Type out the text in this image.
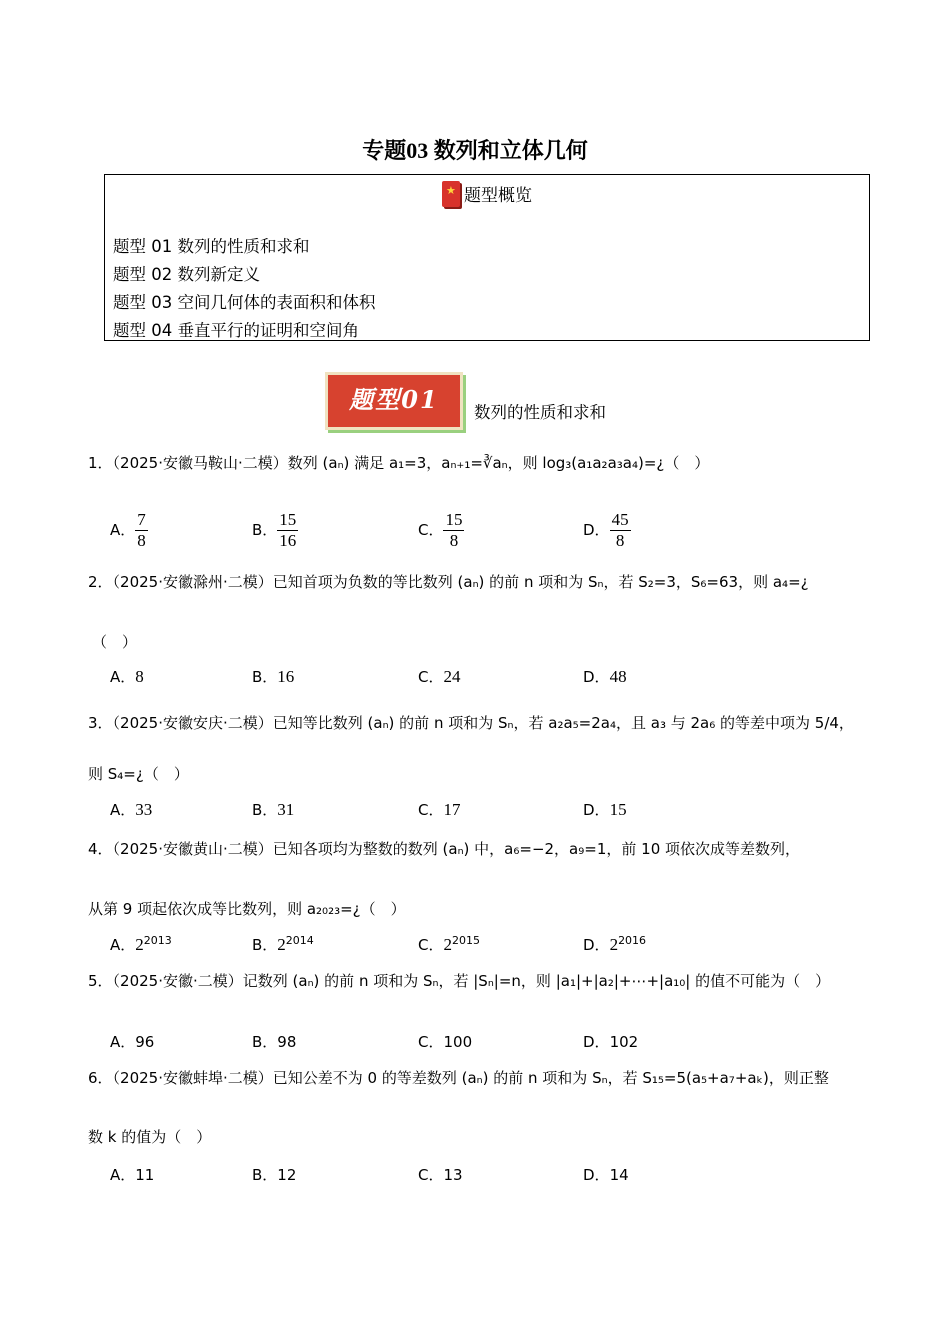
专题03 数列和立体几何
★题型概览
题型 01 数列的性质和求和
题型 02 数列新定义
题型 03 空间几何体的表面积和体积
题型 04 垂直平行的证明和空间角
题型01	数列的性质和求和
1．（2025·安徽马鞍山·二模）数列 (aₙ) 满足 a₁=3，aₙ₊₁=∛aₙ，则 log₃(a₁a₂a₃a₄)=¿（　）
A． $\frac{7}{8}$	B． $\frac{15}{16}$	C． $\frac{15}{8}$	D． $\frac{45}{8}$
2．（2025·安徽滁州·二模）已知首项为负数的等比数列 (aₙ) 的前 n 项和为 Sₙ，若 S₂=3，S₆=63，则 a₄=¿
（　）
A．8	B．16	C．24	D．48
3．（2025·安徽安庆·二模）已知等比数列 (aₙ) 的前 n 项和为 Sₙ，若 a₂a₅=2a₄，且 a₃ 与 2a₆ 的等差中项为 5/4，
则 S₄=¿（　）
A．33	B．31	C．17	D．15
4．（2025·安徽黄山·二模）已知各项均为整数的数列 (aₙ) 中，a₆=−2，a₉=1，前 10 项依次成等差数列，
从第 9 项起依次成等比数列，则 a₂₀₂₃=¿（　）
A．$2^{2013}$	B．$2^{2014}$	C．$2^{2015}$	D．$2^{2016}$
5．（2025·安徽·二模）记数列 (aₙ) 的前 n 项和为 Sₙ，若 |Sₙ|=n，则 |a₁|+|a₂|+⋯+|a₁₀| 的值不可能为（　）
A．96	B．98	C．100	D．102
6．（2025·安徽蚌埠·二模）已知公差不为 0 的等差数列 (aₙ) 的前 n 项和为 Sₙ，若 S₁₅=5(a₅+a₇+aₖ)，则正整
数 k 的值为（　）
A．11	B．12	C．13	D．14
